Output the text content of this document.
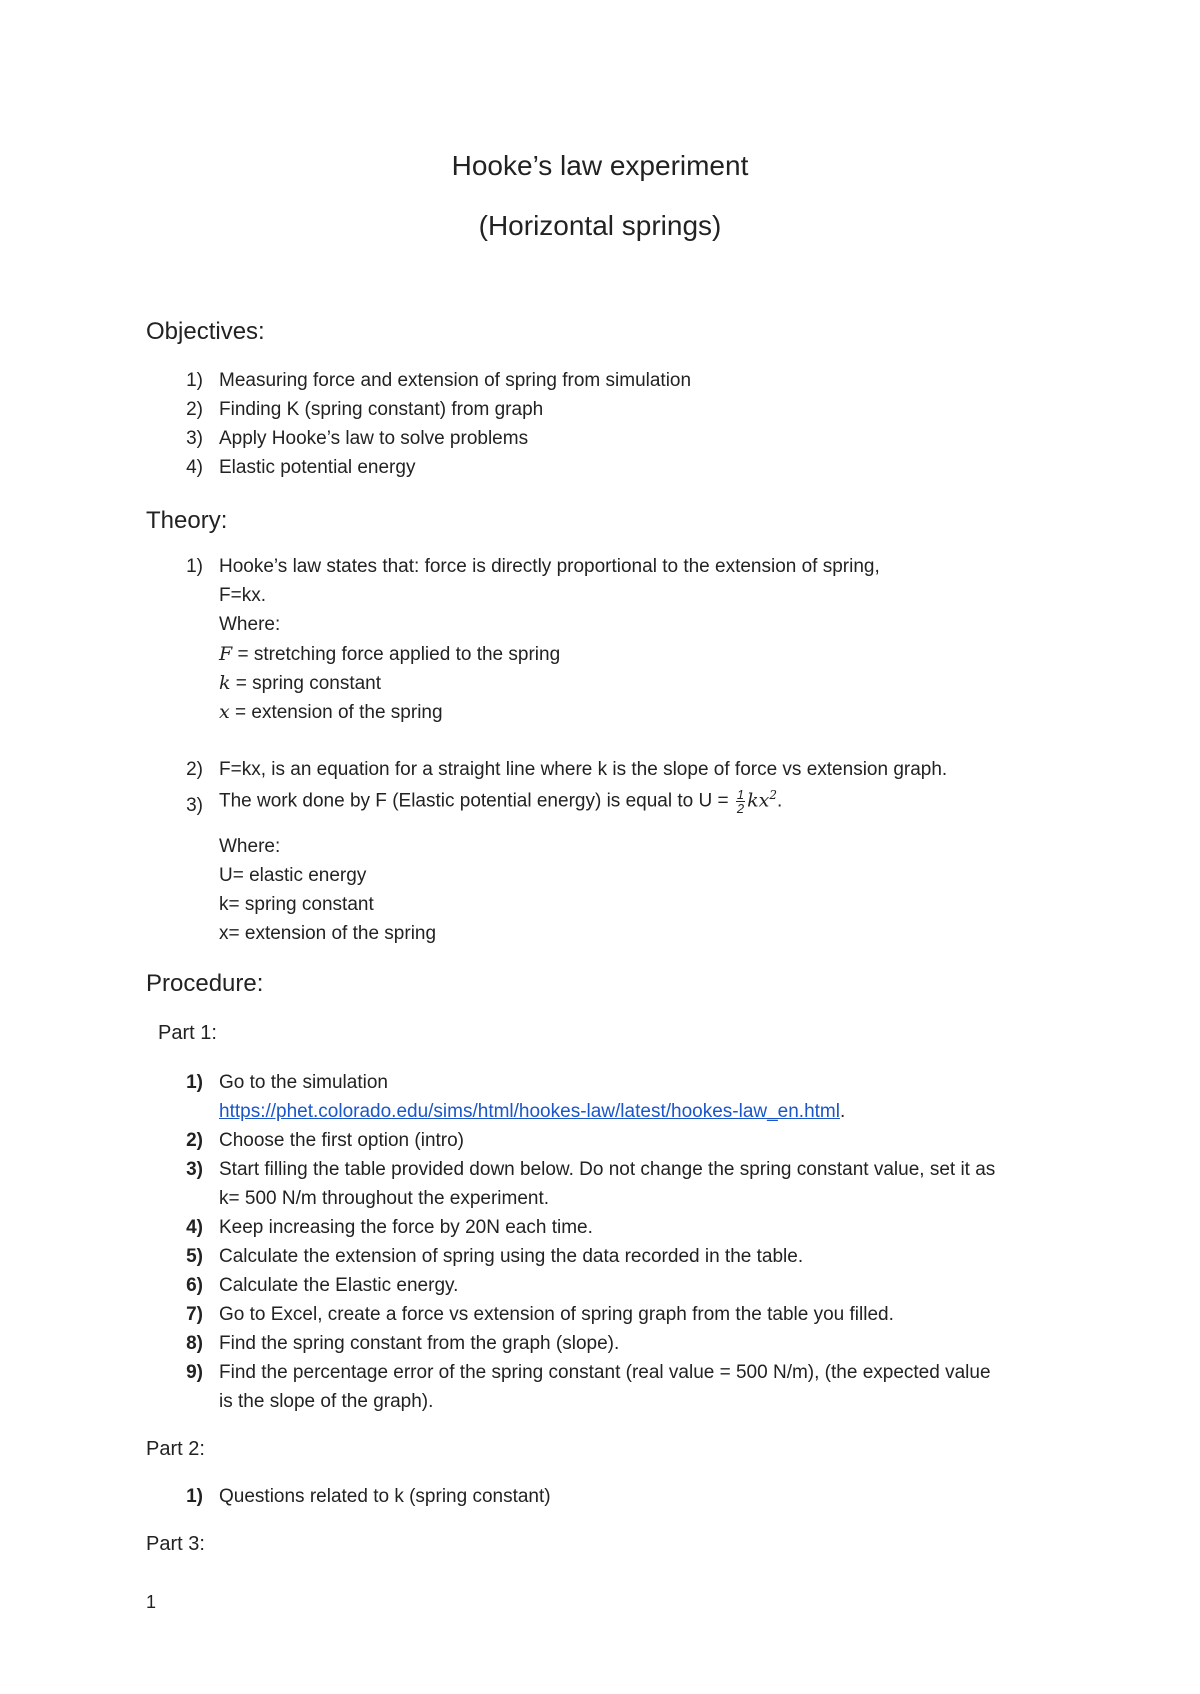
Hooke’s law experiment
(Horizontal springs)
Objectives:
1) Measuring force and extension of spring from simulation
2) Finding K (spring constant) from graph
3) Apply Hooke’s law to solve problems
4) Elastic potential energy
Theory:
1) Hooke’s law states that: force is directly proportional to the extension of spring,
F=kx.
Where:
F = stretching force applied to the spring
k = spring constant
x = extension of the spring
2) F=kx, is an equation for a straight line where k is the slope of force vs extension graph.
3) The work done by F (Elastic potential energy) is equal to $U = \frac{1}{2} kx^2$.
Where:
U= elastic energy
k= spring constant
x= extension of the spring
Procedure:
Part 1:
1) Go to the simulation
https://phet.colorado.edu/sims/html/hookes-law/latest/hookes-law_en.html.
2) Choose the first option (intro)
3) Start filling the table provided down below. Do not change the spring constant value, set it as
k= 500 N/m throughout the experiment.
4) Keep increasing the force by 20N each time.
5) Calculate the extension of spring using the data recorded in the table.
6) Calculate the Elastic energy.
7) Go to Excel, create a force vs extension of spring graph from the table you filled.
8) Find the spring constant from the graph (slope).
9) Find the percentage error of the spring constant (real value = 500 N/m), (the expected value
is the slope of the graph).
Part 2:
1) Questions related to k (spring constant)
Part 3:
1
